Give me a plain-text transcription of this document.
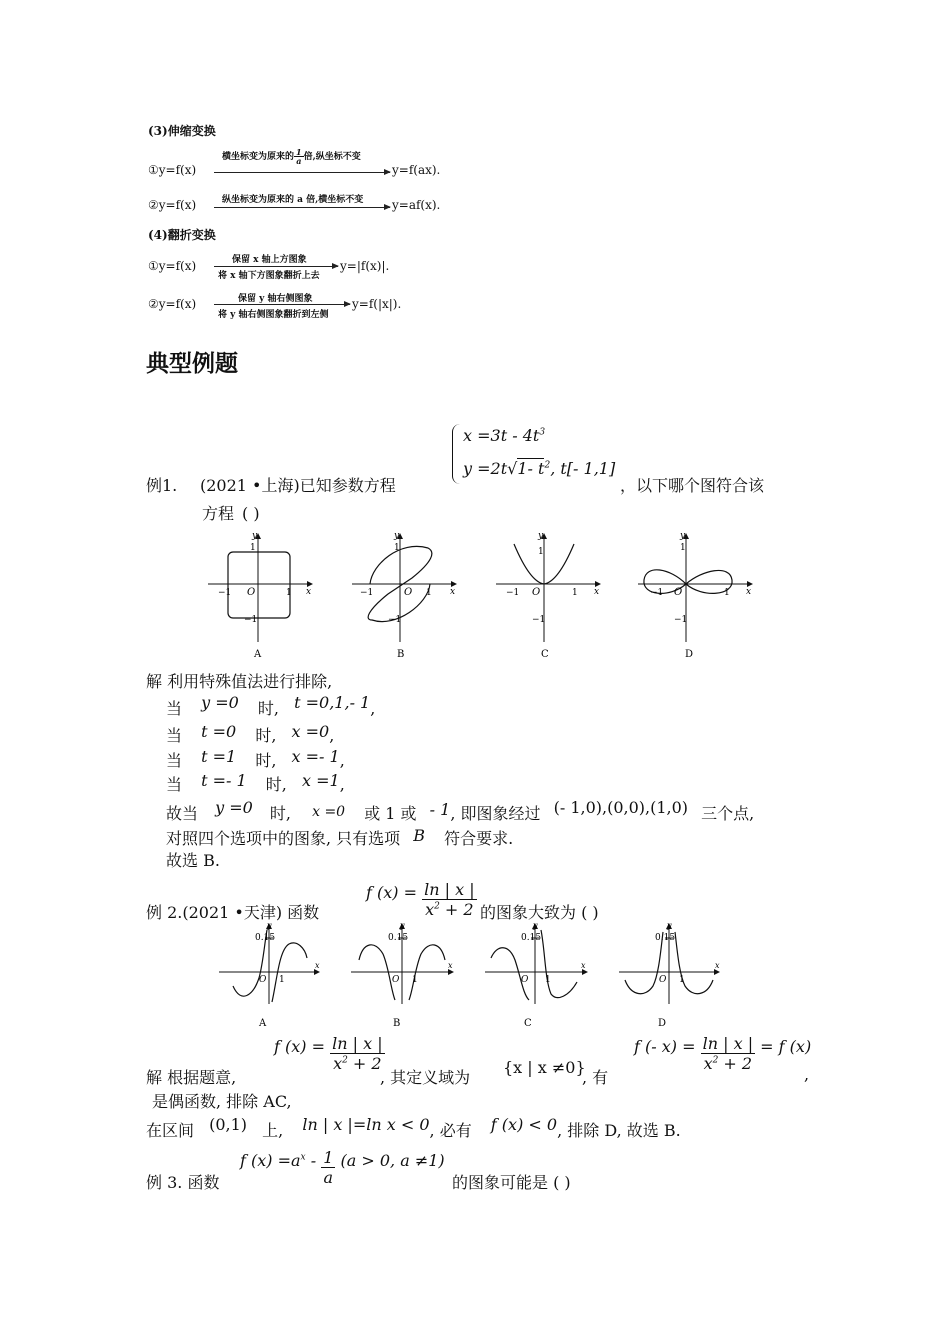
(3)伸缩变换
①y=f(x)
横坐标变为原来的 $\frac{1}{a}$ 倍,纵坐标不变
y=f(ax).
②y=f(x)	纵坐标变为原来的 a 倍,横坐标不变 y=af(x).
(4)翻折变换
①y=f(x)	保留 x 轴上方图象
将 x 轴下方图象翻折上去
y=|f(x)|.
②y=f(x)	保留 y 轴右侧图象
将 y 轴右侧图象翻折到左侧
y=f(|x|).
典型例题
$x =3t - 4t^3$
y =2t√1- $t^2$, t[- 1,1]
例1. (2021 •上海)已知参数方程	，以下哪个图符合该
方程 ( )
y
x
O
1
1
−1
−1
A
y
x
O
1
1
−1
−1
B
y
x
O
1
1
−1
−1
C
y
x
O
1
1
−1
−1
D
解 利用特殊值法进行排除,
当 y =0 时, t =0,1,- 1,
当 t =0 时, x =0,
当 t =1 时, x =- 1,
当 t =- 1 时, x =1,
故当 y =0 时, x =0 或 1 或 - 1, 即图象经过 (- 1,0),(0,0),(1,0) 三个点,
对照四个选项中的图象, 只有选项 B 符合要求.
故选 B.
例 2.(2021 •天津) 函数
f $(x) = \frac{\ln | x |}{x^2 + 2}$ 的图象大致为 ( )
0.15
y
x
O 1
A
0.15
y
x
O 1
B
0.15
y
x
O 1
C
0.15
y
x
O 1
D
解 根据题意,
f $(x) = \frac{\ln | x |}{x^2 + 2}$
, 其定义域为
{x | x ≠0}
, 有
f (- $x) = \frac{\ln | x |}{x^2 + 2} = f$ (x)
,
是偶函数, 排除 AC,
在区间 (0,1) 上, ln | x |=ln x < 0, 必有 f (x) < 0, 排除 D, 故选 B.
例 3. 函数
f $(x) =a^x - \frac{1}{a} (a > 0$, a ≠1)
的图象可能是 ( )
